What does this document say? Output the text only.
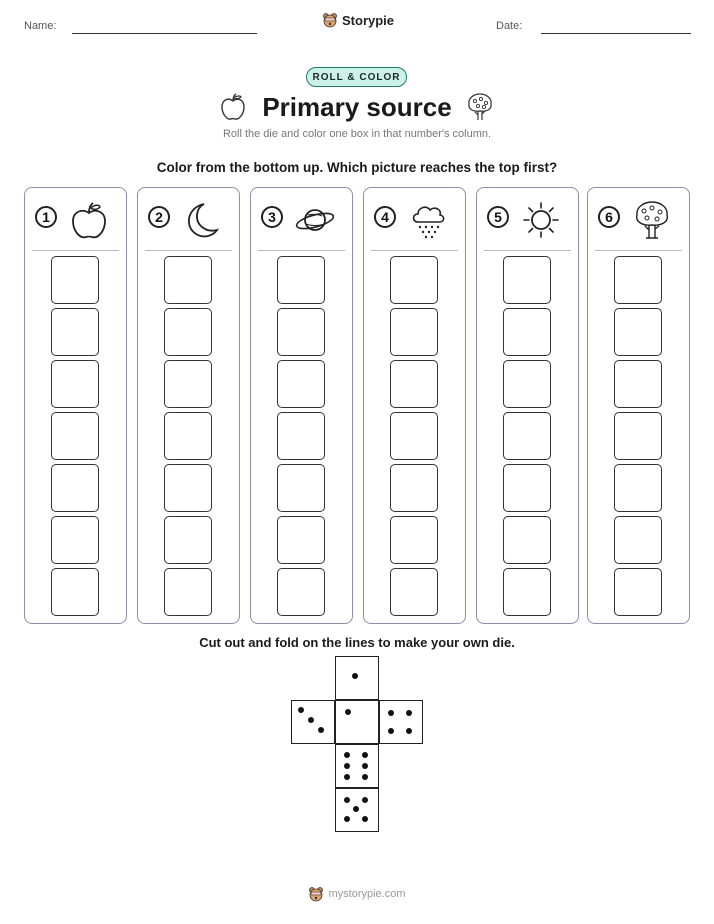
Name:	Storypie	Date:
ROLL & COLOR
Primary source
Roll the die and color one box in that number's column.
Color from the bottom up. Which picture reaches the top first?
1	2	3	4	5	6
Cut out and fold on the lines to make your own die.
mystorypie.com
